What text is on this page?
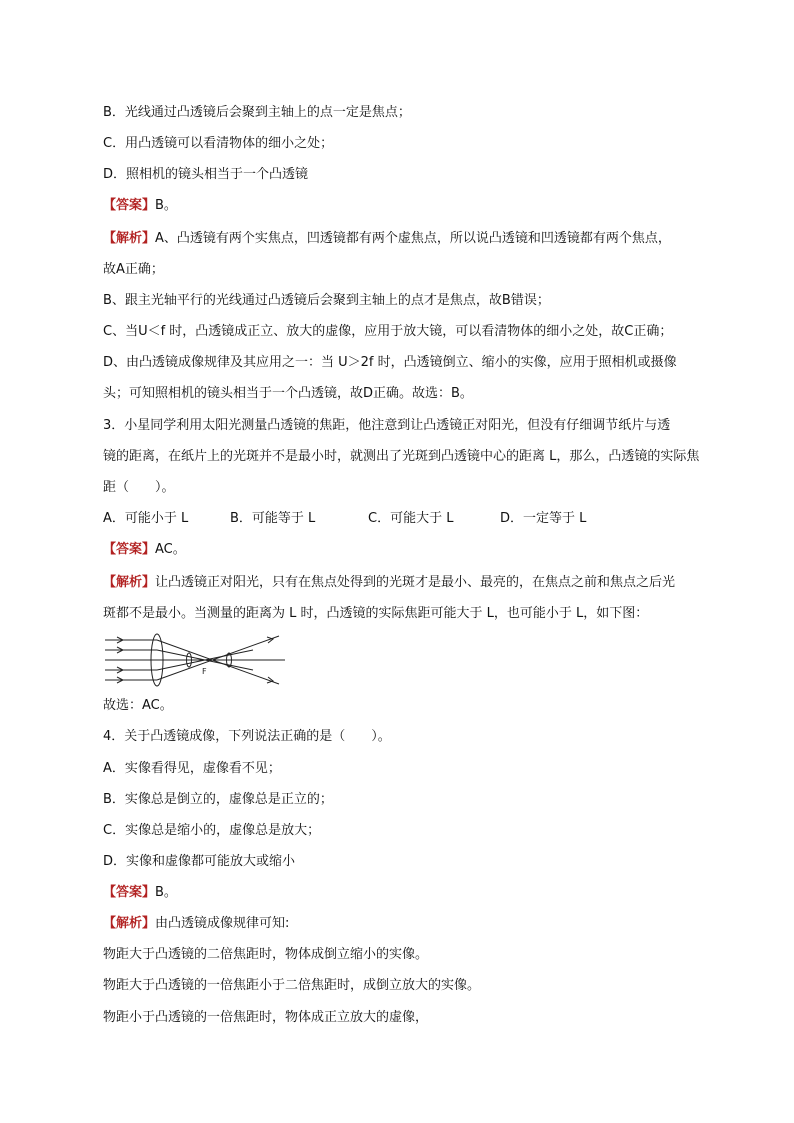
B．光线通过凸透镜后会聚到主轴上的点一定是焦点；
C．用凸透镜可以看清物体的细小之处；
D．照相机的镜头相当于一个凸透镜
【答案】B。
【解析】A、凸透镜有两个实焦点，凹透镜都有两个虚焦点，所以说凸透镜和凹透镜都有两个焦点，
故A正确；
B、跟主光轴平行的光线通过凸透镜后会聚到主轴上的点才是焦点，故B错误；
C、当U＜f 时，凸透镜成正立、放大的虚像，应用于放大镜，可以看清物体的细小之处，故C正确；
D、由凸透镜成像规律及其应用之一：当 U＞2f 时，凸透镜倒立、缩小的实像，应用于照相机或摄像
头；可知照相机的镜头相当于一个凸透镜，故D正确。故选：B。
3．小星同学利用太阳光测量凸透镜的焦距，他注意到让凸透镜正对阳光，但没有仔细调节纸片与透
镜的距离，在纸片上的光斑并不是最小时，就测出了光斑到凸透镜中心的距离 L，那么，凸透镜的实际焦
距（　　）。
A．可能小于 L	B．可能等于 L	C．可能大于 L	D．一定等于 L
【答案】AC。
【解析】让凸透镜正对阳光，只有在焦点处得到的光斑才是最小、最亮的，在焦点之前和焦点之后光
斑都不是最小。当测量的距离为 L 时，凸透镜的实际焦距可能大于 L，也可能小于 L，如下图：
F
故选：AC。
4．关于凸透镜成像，下列说法正确的是（　　）。
A．实像看得见，虚像看不见；
B．实像总是倒立的，虚像总是正立的；
C．实像总是缩小的，虚像总是放大；
D．实像和虚像都可能放大或缩小
【答案】B。
【解析】由凸透镜成像规律可知:
物距大于凸透镜的二倍焦距时，物体成倒立缩小的实像。
物距大于凸透镜的一倍焦距小于二倍焦距时，成倒立放大的实像。
物距小于凸透镜的一倍焦距时，物体成正立放大的虚像，
